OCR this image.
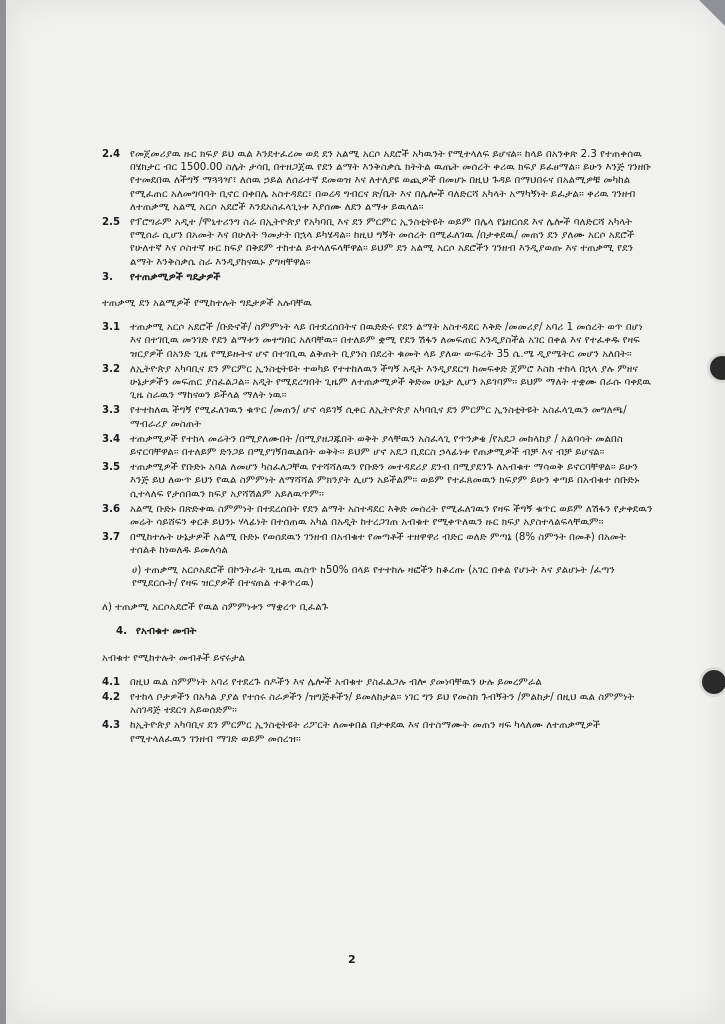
2.4 የመጀመሪያዉ ዙር ክፍያ ይህ ዉል እንደተፈረመ ወደ ደን አልሚ አርሶ አደሮች አካዉንት የሚተላለፍ ይሆናል፡፡ ከላይ በአንቀጽ 2.3 የተጠቀሰዉ በሄክታር ብር 1500.00 ስሌት ታሳቢ በተዘጋጀዉ የደን ልማት እንቅስቃሴ ክትትል ዉጤት መሰረት ቀሪዉ ክፍያ ይፈፀማል፡፡ ይሁን እንጅ ገንዘቡ የተመደበዉ ለችግኝ ማጓጓዣ፣ ለሰዉ ኃይል ለሰራተኛ ደመወዝ እና ለተለያዩ ወጪዎች በመሆኑ በዚህ ጉዳይ በማህበሩና በአልሚዎቹ መካከል የሚፈጠር አለመግባባት ቢኖር በቀበሌ አስተዳደር፣ በወረዳ ግብርና ጽ/ቤት እና በሌሎች ባለድርሻ አካላት አማካኝነት ይፈታል፡፡ ቀሪዉ ገንዘብ ለተጠቃሚ አልሚ አርሶ አደሮች እንደአስፈላጊነቱ እያሰሙ ለደን ልማቱ ይዉላል፡፡
2.5 የፕሮግራም አዲተ /ሞኒተሪንግ ስራ በኢትዮጵያ የአካባቢ እና ደን ምርምር ኢንስቲትዩት ወይም በሌላ የኔዘርሰደ እና ሌሎች ባለድርሻ አካላት የሚሰራ ሲሆን በአመት እና በሁለት ዓመታት በኋላ ይካሄዳል፡፡ ከዚህ ግኝት መሰረት በሚፈለገዉ /በታቀደዉ/ መጠን ደን ያለሙ አርሶ አደሮች የሁለተኛ እና ሶስተኛ ዙር ክፍያ በቅደም ተከተል ይተላለፍላቸዋል፡፡ ይህም ደን አልሚ አርሶ አደሮችን ገንዘብ እንዲያወጡ እና ተጠቃሚ የደን ልማት እንቅስቃሴ ስራ እንዲያከናዉኑ ያግዛቸዋል፡፡
3. የተጠቃሚዎች ግዴታዎች
ተጠቃሚ ደን አልሚዎች የሚከተሉት ግዴታዎች አሉባቸዉ
3.1 ተጠቃሚ አርሶ አደሮች /ቡድኖች/ ስምምነት ላይ በተደረሰበትና በዉድድሩ የደን ልማት አስተዳደር እቅድ /መመሪያ/ አባሪ 1 መሰረት ወጥ በሆነ እና በተገቢዉ መንገድ የደን ልማቱን መተግበር አለባቸዉ፡፡ በተለይም ቋሚ የደን ሽፋን ለመፍጠር እንዲያስችል አገር በቀል እና የተፈቀዱ የዛፍ ዝርያዎች በአንድ ጊዜ የሚይዙትና ሆኖ በተገቢዉ ልቅጠት ቢያንስ በደረት ቁመት ላይ ያለው ውፍረት 35 ሴ.ሜ ዲያሜትር መሆን አለበት፡፡
3.2 ለኢትዮጵያ አካባቢና ደን ምርምር ኢንስቲትዩት ተወካይ የተተከለዉን ችግኝ አዲት እንዲያደርግ ከመፍቀድ ጀምሮ እስከ ተከላ በኋላ ያሉ ምዘና ሁኔታዎችን መፍጠር ያስፈልጋል፡፡ አዲት የሚደረግበት ጊዜም ለተጠቃሚዎች ቅድመ ሁኔታ ሊሆን አይገባም፡፡ ይህም ማለት ተቋሙ በራሱ ባቀደዉ ጊዜ ስራዉን ማከናወን ይችላል ማለት ነዉ፡፡
3.3 የተተከለዉ ችግኝ የሚፈለገዉን ቁጥር /መጠን/ ሆኖ ሳይገኝ ሲቀር ለኢትዮጵያ አካባቢና ደን ምርምር ኢንስቲትዩት አስፈላጊዉን መግለጫ/ማብራሪያ መስጠት
3.4 ተጠቃሚዎች የተከላ መሬትን በሚያለሙበት /በሚያዘጋጁበት ወቅት ያላቸዉን አስፈላጊ የጥንቃቄ /የአደጋ መከላከያ / አልባሳት መልበስ ይኖርባቸዋል፡፡ በተለይም ድንጋይ በሚያገኝበዉልበት ወቅት፡፡ ይህም ሆኖ አደጋ ቢደርስ ኃላፊነቱ የጠቃሚዎች ብቻ እና ብቻ ይሆናል፡፡
3.5 ተጠቃሚዎች የቡድኑ አባል ለመሆን ካስፈለጋቸዉ የተሻሻለዉን የቡድን መተዳደሪያ ደንብ በሚያደንጉ ለአብቁተ ማሳወቅ ይኖርባቸዋል፡፡ ይሁን እንጅ ይህ ለውጥ ይህን የዉል ስምምነት ለማሻሻል ምክንያት ሊሆን አይችልም፡፡ ወይም የተፈጸመዉን ክፍያም ይሁን ቀጣይ በአብቁተ ሰቡድኑ ሲተላለፍ የታሰበዉን ክፍያ አያሻሽልም አይለዉጥም፡፡
3.6 አልሚ ቡድኑ በጽድቀዉ ስምምነት በተደረሰበት የደን ልማት አስተዳደር እቅድ መሰረት የሚፈለገዉን የዛፍ ችግኝ ቁጥር ወይም ለሽፋን የታቀደዉን መሬት ሳይሸፍን ቀርቶ ይህንኑ ሃላፊነት በተሰጠዉ አካል በአዲት ከተረጋገጠ አብቁተ የሚቀጥለዉን ዙር ክፍያ አያስተላልፍላቸዉም፡፡
3.7 በሚከተሉት ሁኔታዎች አልሚ ቡድኑ የወሰደዉን ገንዘብ በአብቁተ የመጣቶች ተዘዋዋሪ ብድር ወለድ ምጣኔ (8% ስምንት በመቶ) በአመት ተሰልቶ ከነወለዱ ይመለሳል
ሀ) ተጠቃሚ አርሶአደሮች በኮንትራት ጊዜዉ ዉስጥ ከ50% በላይ የተተከሉ ዛፎችን ከቆረጡ (አገር በቀል የሆኑት እና ያልሆኑት /ፈጣን የሚደርሱት/ የዛፍ ዝርያዎች በተናጠል ተቆጥረዉ)
ለ) ተጠቃሚ አርሶአደሮች የዉል ስምምነቱን ማቋረጥ ቢፈልጉ
4. የአብቁተ መብት
አብቁተ የሚከተሉት መብቶች ይኖሩታል
4.1 በዚህ ዉል ስምምነት አባሪ የተደረጉ ሰዶችን እና ሌሎች አብቁተ ያስፈልጋሉ ብሎ ያመነባቸዉን ሁሉ ይመረምራል
4.2 የተከላ ቦታዎችን በአካል ያያል የተሰሩ ስራዎችን /ዝግጅቶችን/ ይመለከታል፡፡ ነገር ግን ይህ የመስክ ጉብኝትን /ምልከታ/ በዚህ ዉል ስምምነት አስገዳጅ ተደርጎ አይወሰድም፡፡
4.3 ከኢትዮጵያ አካባቢና ደን ምርምር ኢንስቲትዩት ሪፖርት ለመቀበል በታቀደዉ እና በተስማሙት መጠን ዛፍ ካላለሙ ለተጠቃሚዎች የሚተላለፈዉን ገንዘብ ማገድ ወይም መሰረዝ፡፡
2
